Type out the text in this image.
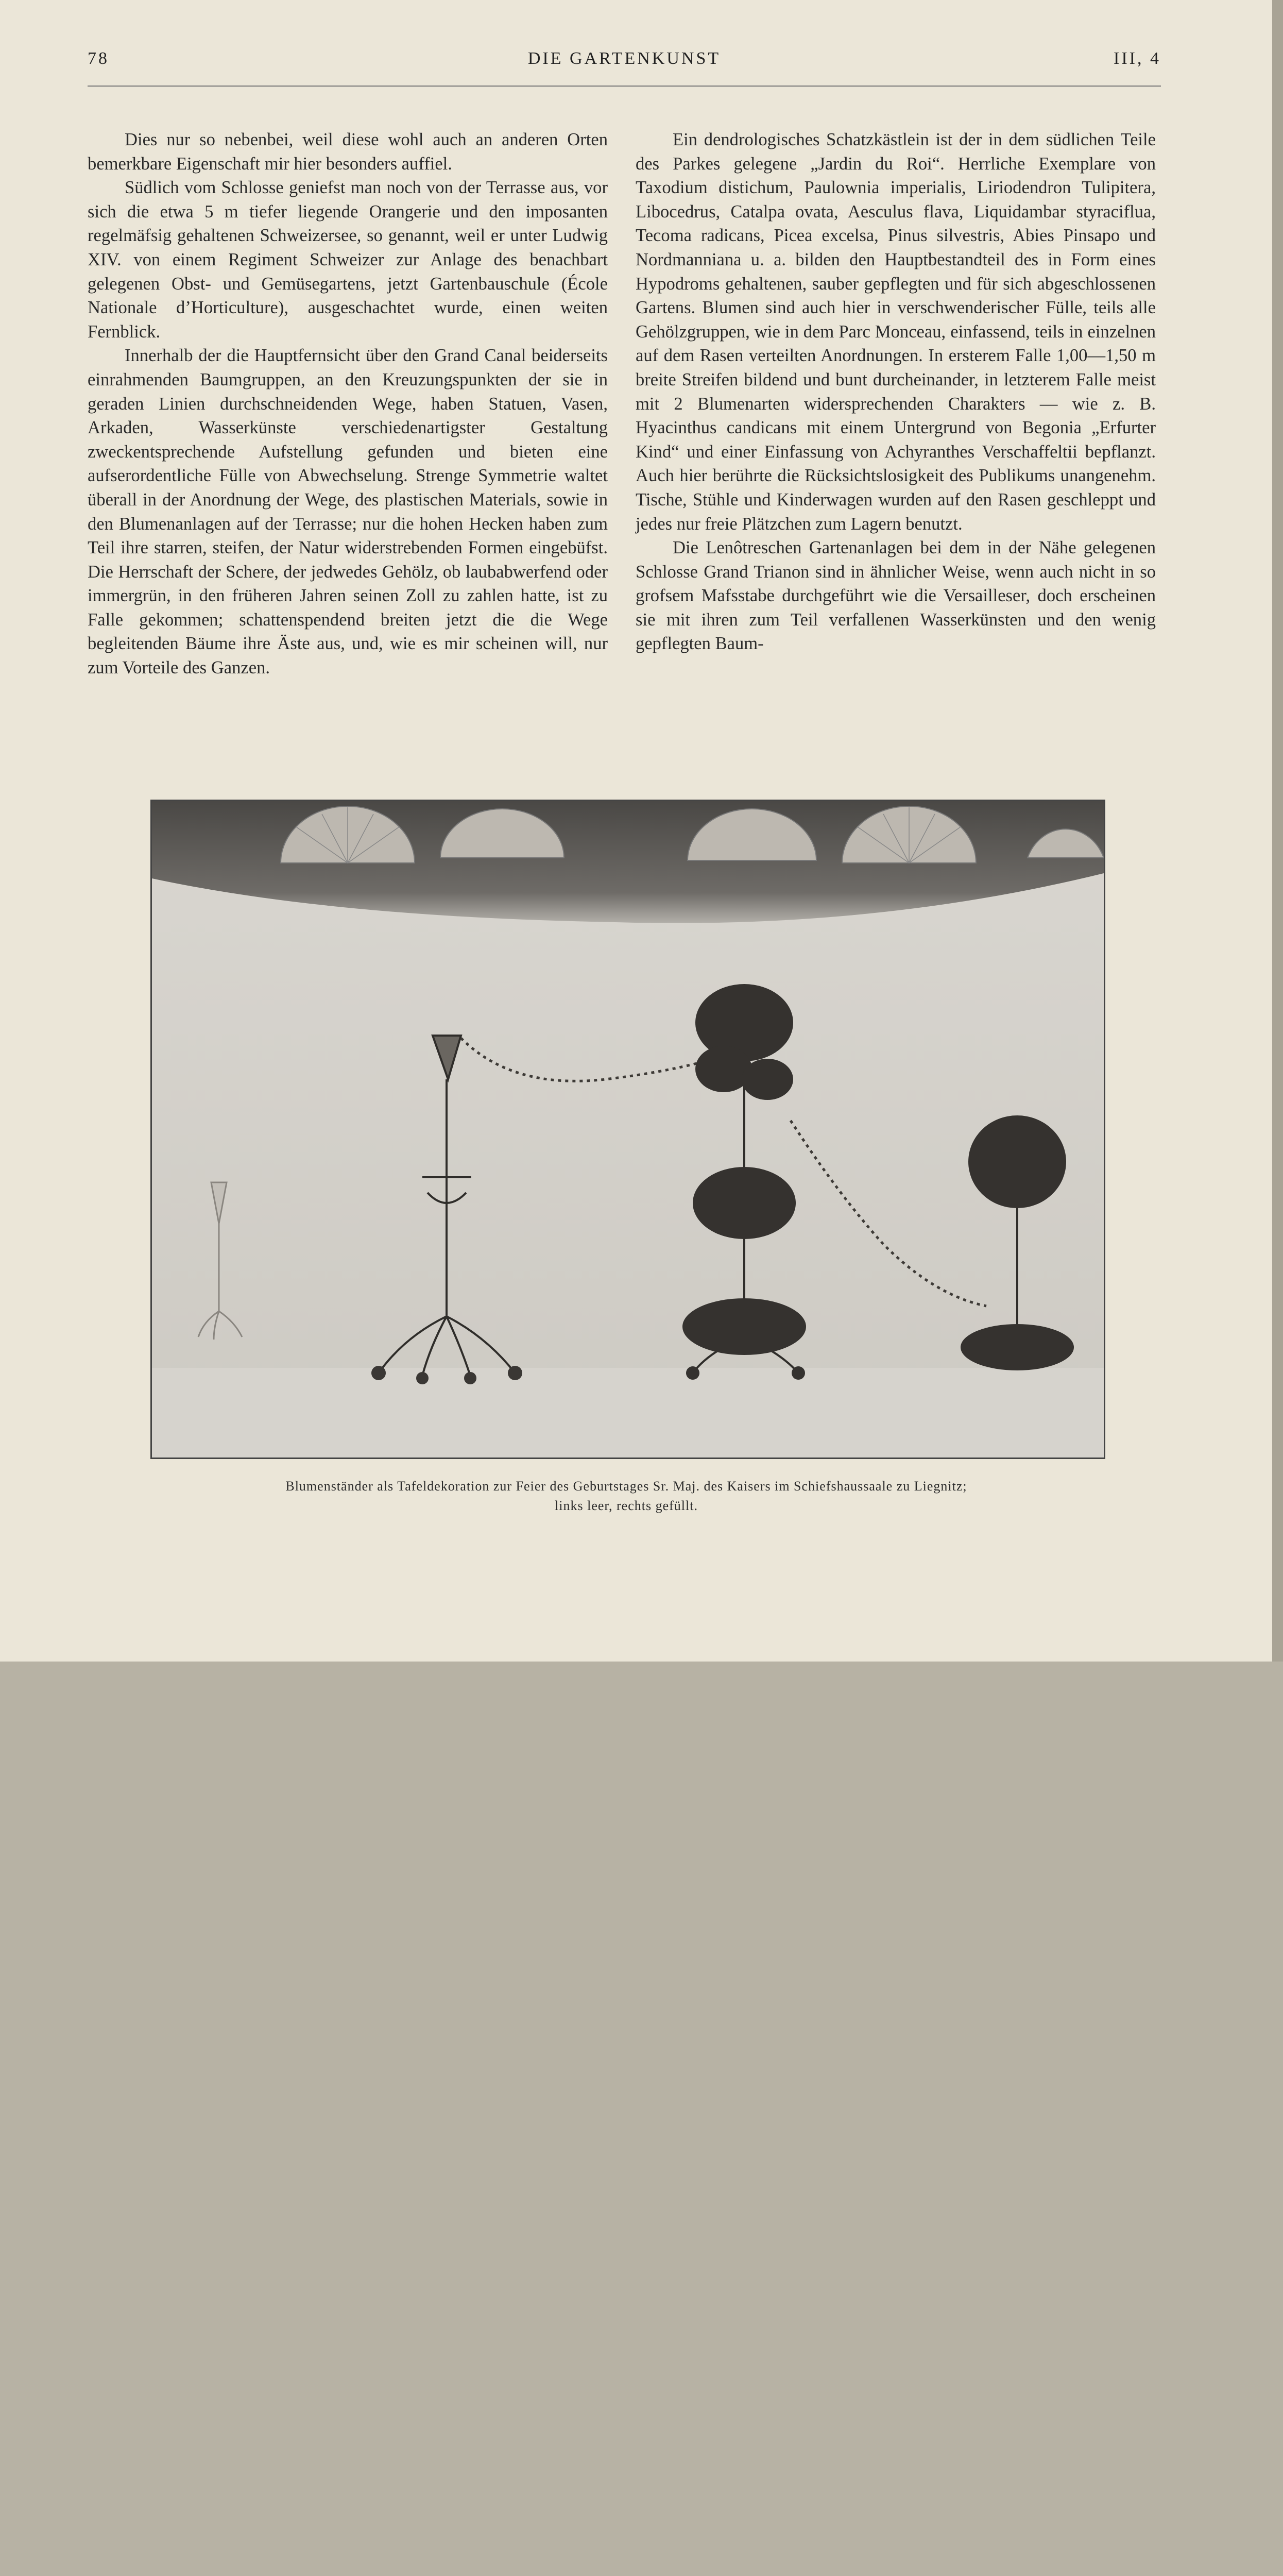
78	DIE GARTENKUNST	III, 4

Dies nur so nebenbei, weil diese wohl auch an anderen Orten bemerkbare Eigenschaft mir hier besonders auffiel.

Südlich vom Schlosse geniefst man noch von der Terrasse aus, vor sich die etwa 5 m tiefer liegende Orangerie und den imposanten regelmäfsig gehaltenen Schweizersee, so genannt, weil er unter Ludwig XIV. von einem Regiment Schweizer zur Anlage des benachbart gelegenen Obst- und Gemüsegartens, jetzt Gartenbauschule (École Nationale d’Horticulture), ausgeschachtet wurde, einen weiten Fernblick.

Innerhalb der die Hauptfernsicht über den Grand Canal beiderseits einrahmenden Baumgruppen, an den Kreuzungspunkten der sie in geraden Linien durchschneidenden Wege, haben Statuen, Vasen, Arkaden, Wasserkünste verschiedenartigster Gestaltung zweckentsprechende Aufstellung gefunden und bieten eine aufserordentliche Fülle von Abwechselung. Strenge Symmetrie waltet überall in der Anordnung der Wege, des plastischen Materials, sowie in den Blumenanlagen auf der Terrasse; nur die hohen Hecken haben zum Teil ihre starren, steifen, der Natur widerstrebenden Formen eingebüfst. Die Herrschaft der Schere, der jedwedes Gehölz, ob laubabwerfend oder immergrün, in den früheren Jahren seinen Zoll zu zahlen hatte, ist zu Falle gekommen; schattenspendend breiten jetzt die die Wege begleitenden Bäume ihre Äste aus, und, wie es mir scheinen will, nur zum Vorteile des Ganzen.

Ein dendrologisches Schatzkästlein ist der in dem südlichen Teile des Parkes gelegene „Jardin du Roi“. Herrliche Exemplare von Taxodium distichum, Paulownia imperialis, Liriodendron Tulipitera, Libocedrus, Catalpa ovata, Aesculus flava, Liquidambar styraciflua, Tecoma radicans, Picea excelsa, Pinus silvestris, Abies Pinsapo und Nordmanniana u. a. bilden den Hauptbestandteil des in Form eines Hypodroms gehaltenen, sauber gepflegten und für sich abgeschlossenen Gartens. Blumen sind auch hier in verschwenderischer Fülle, teils alle Gehölzgruppen, wie in dem Parc Monceau, einfassend, teils in einzelnen auf dem Rasen verteilten Anordnungen. In ersterem Falle 1,00—1,50 m breite Streifen bildend und bunt durcheinander, in letzterem Falle meist mit 2 Blumenarten widersprechenden Charakters — wie z. B. Hyacinthus candicans mit einem Untergrund von Begonia „Erfurter Kind“ und einer Einfassung von Achyranthes Verschaffeltii bepflanzt. Auch hier berührte die Rücksichtslosigkeit des Publikums unangenehm. Tische, Stühle und Kinderwagen wurden auf den Rasen geschleppt und jedes nur freie Plätzchen zum Lagern benutzt.

Die Lenôtreschen Gartenanlagen bei dem in der Nähe gelegenen Schlosse Grand Trianon sind in ähnlicher Weise, wenn auch nicht in so grofsem Mafsstabe durchgeführt wie die Versailleser, doch erscheinen sie mit ihren zum Teil verfallenen Wasserkünsten und den wenig gepflegten Baum-

Blumenständer als Tafeldekoration zur Feier des Geburtstages Sr. Maj. des Kaisers im Schiefshaussaale zu Liegnitz;
links leer, rechts gefüllt.
